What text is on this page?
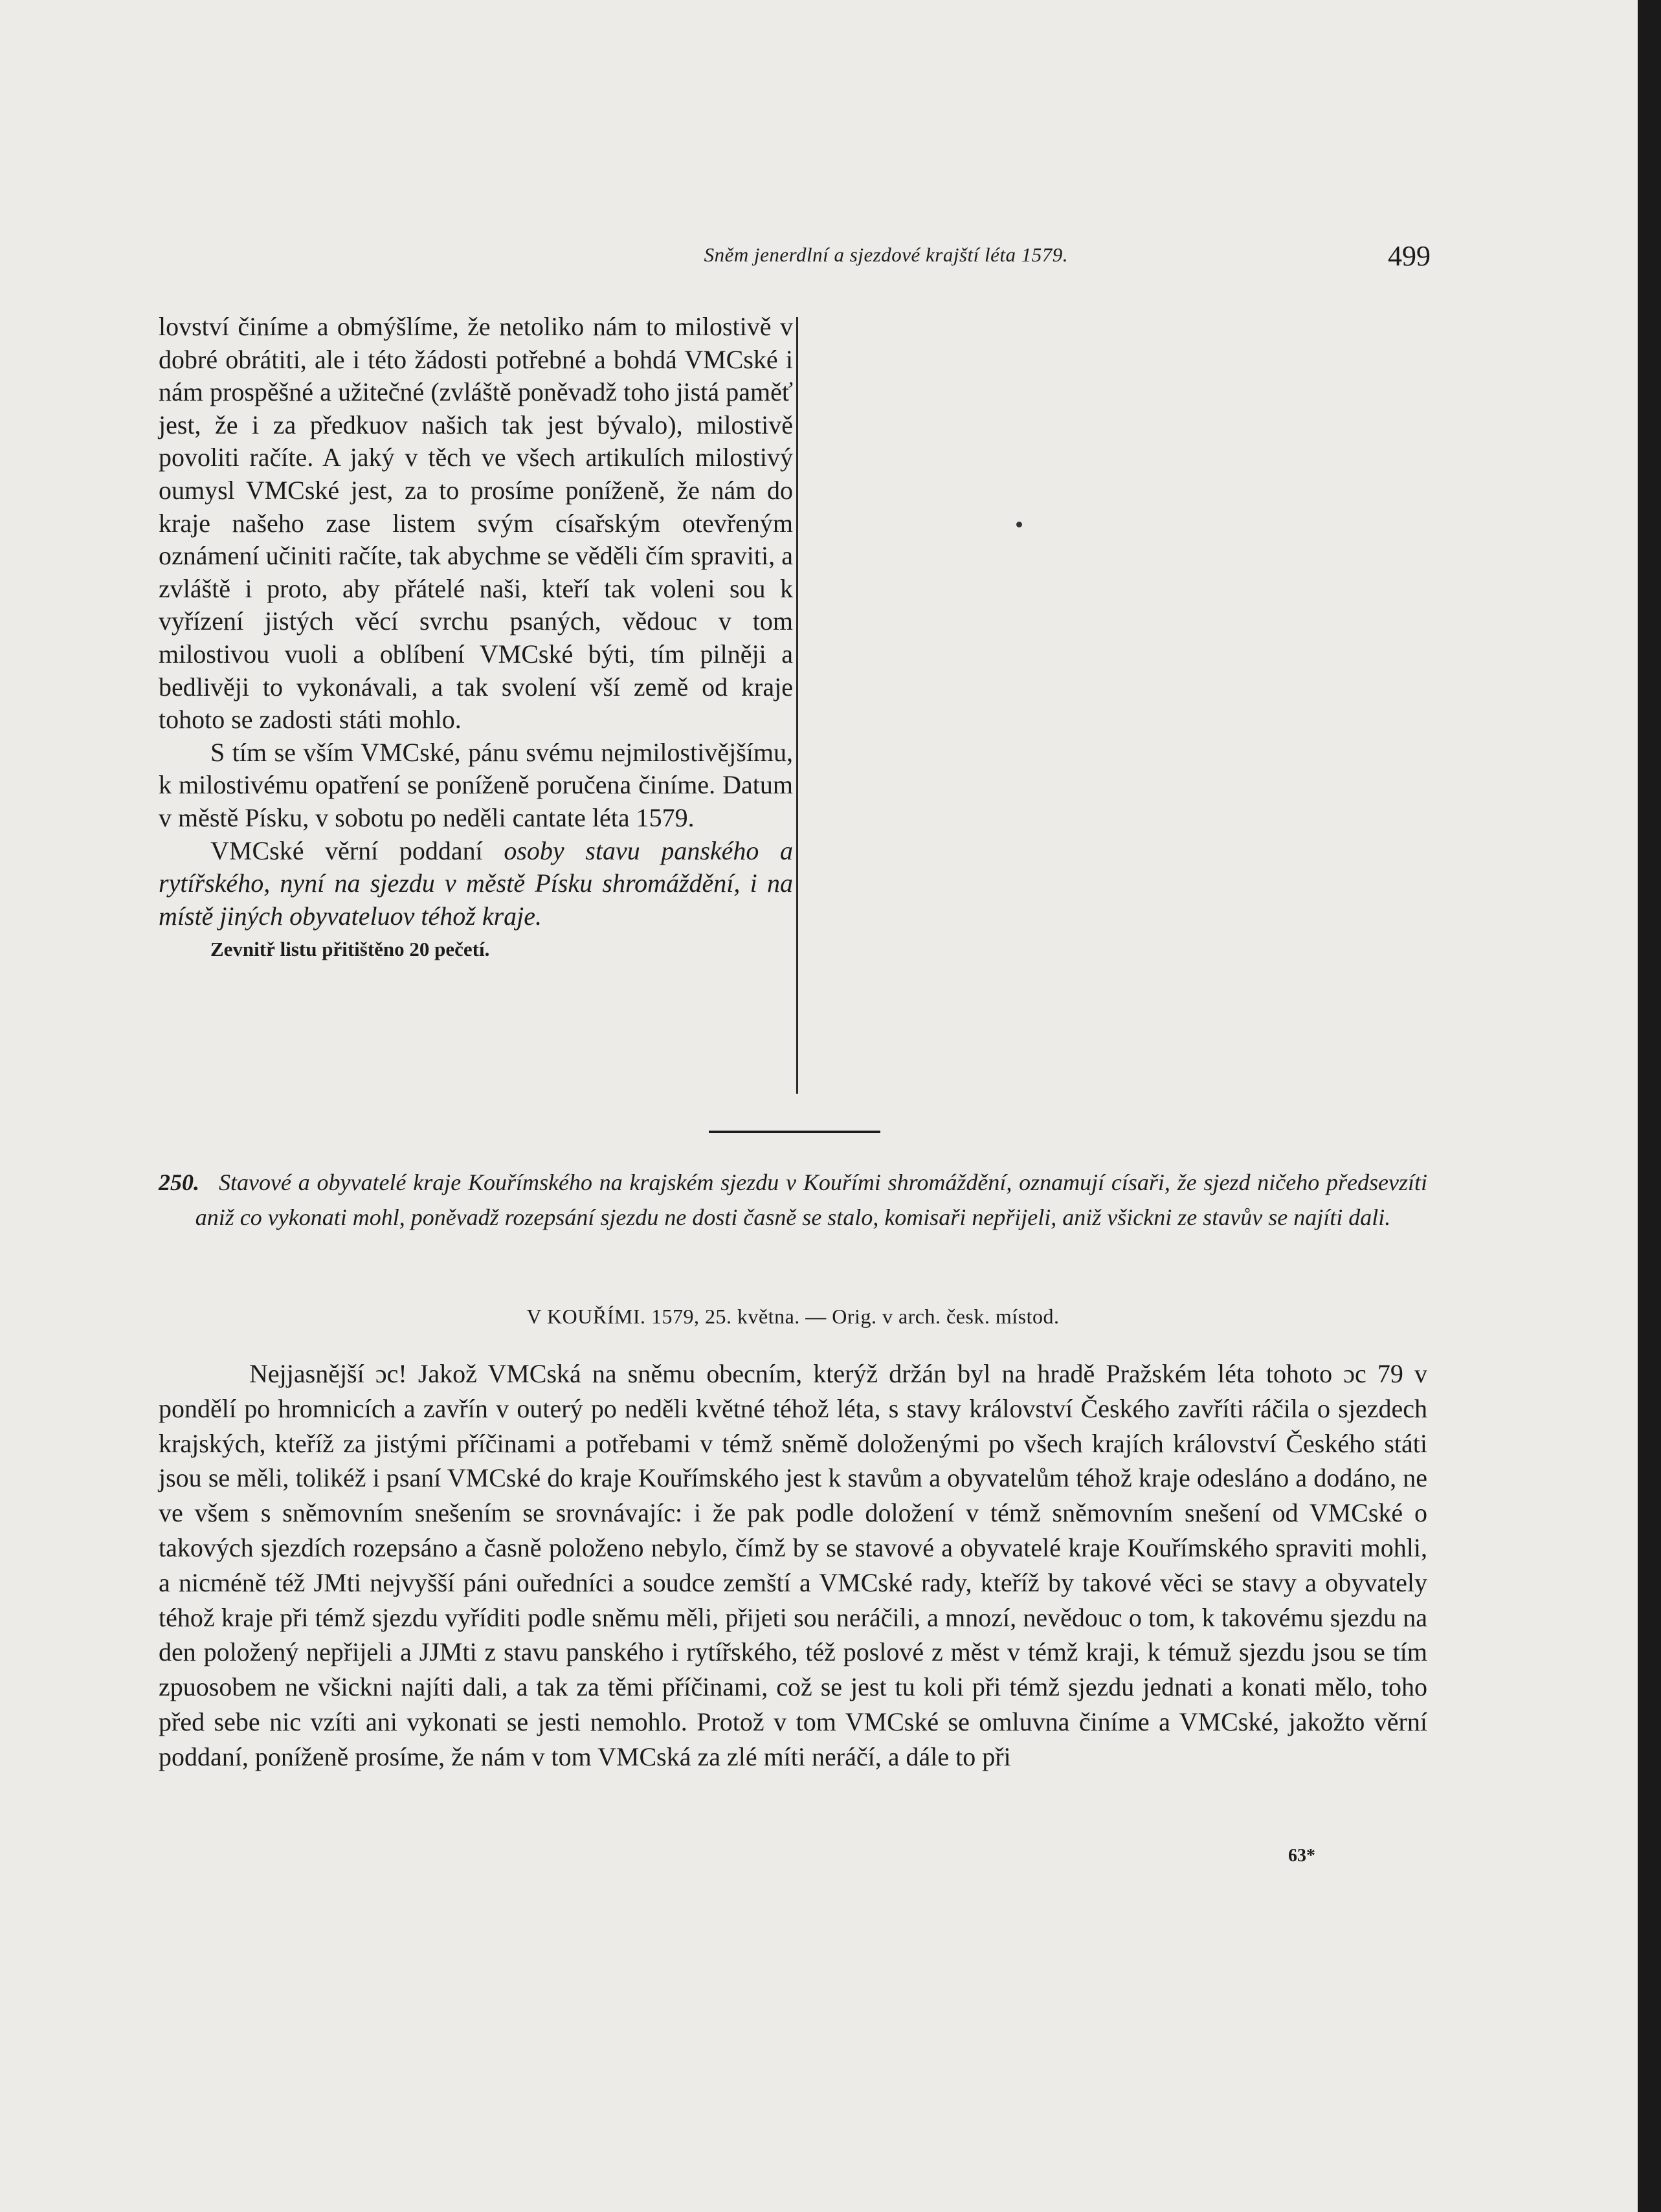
Sněm jenerdlní a sjezdové krajští léta 1579.	499

lovství činíme a obmýšlíme, že netoliko nám to milostivě v dobré obrátiti, ale i této žádosti potřebné a bohdá VMCské i nám prospěšné a užitečné (zvláště poněvadž toho jistá paměť jest, že i za předkuov našich tak jest bývalo), milostivě povoliti račíte. A jaký v těch ve všech artikulích milostivý oumysl VMCské jest, za to prosíme poníženě, že nám do kraje našeho zase listem svým císařským otevřeným oznámení učiniti račíte, tak abychme se věděli čím spraviti, a zvláště i proto, aby přátelé naši, kteří tak voleni sou k vyřízení jistých věcí svrchu psaných, vědouc v tom milostivou vuoli a oblíbení VMCské býti, tím pilněji a bedlivěji to vykonávali, a tak svolení vší země od kraje tohoto se zadosti státi mohlo.

S tím se vším VMCské, pánu svému nejmilostivějšímu, k milostivému opatření se poníženě poručena činíme. Datum v městě Písku, v sobotu po neděli cantate léta 1579.

VMCské věrní poddaní osoby stavu panského a rytířského, nyní na sjezdu v městě Písku shromáždění, i na místě jiných obyvateluov téhož kraje.

Zevnitř listu přitištěno 20 pečetí.

250. Stavové a obyvatelé kraje Kouřímského na krajském sjezdu v Kouřími shromáždění, oznamují císaři, že sjezd ničeho předsevzíti aniž co vykonati mohl, poněvadž rozepsání sjezdu ne dosti časně se stalo, komisaři nepřijeli, aniž všickni ze stavův se najíti dali.
V KOUŘÍMI. 1579, 25. května. — Orig. v arch. česk. místod.
Nejjasnější ɔc! Jakož VMCská na sněmu obecním, kterýž držán byl na hradě Pražském léta tohoto ɔc 79 v pondělí po hromnicích a zavřín v outerý po neděli květné téhož léta, s stavy království Českého zavříti ráčila o sjezdech krajských, kteříž za jistými příčinami a potřebami v témž sněmě doloženými po všech krajích království Českého státi jsou se měli, tolikéž i psaní VMCské do kraje Kouřímského jest k stavům a obyvatelům téhož kraje odesláno a dodáno, ne ve všem s sněmovním snešením se srovnávajíc: i že pak podle doložení v témž sněmovním snešení od VMCské o takových sjezdích rozepsáno a časně položeno nebylo, čímž by se stavové a obyvatelé kraje Kouřímského spraviti mohli, a nicméně též JMti nejvyšší páni ouředníci a soudce zemští a VMCské rady, kteříž by takové věci se stavy a obyvately téhož kraje při témž sjezdu vyříditi podle sněmu měli, přijeti sou neráčili, a mnozí, nevědouc o tom, k takovému sjezdu na den položený nepřijeli a JJMti z stavu panského i rytířského, též poslové z měst v témž kraji, k témuž sjezdu jsou se tím zpuosobem ne všickni najíti dali, a tak za těmi příčinami, což se jest tu koli při témž sjezdu jednati a konati mělo, toho před sebe nic vzíti ani vykonati se jesti nemohlo. Protož v tom VMCské se omluvna činíme a VMCské, jakožto věrní poddaní, poníženě prosíme, že nám v tom VMCská za zlé míti neráčí, a dále to při
63*
